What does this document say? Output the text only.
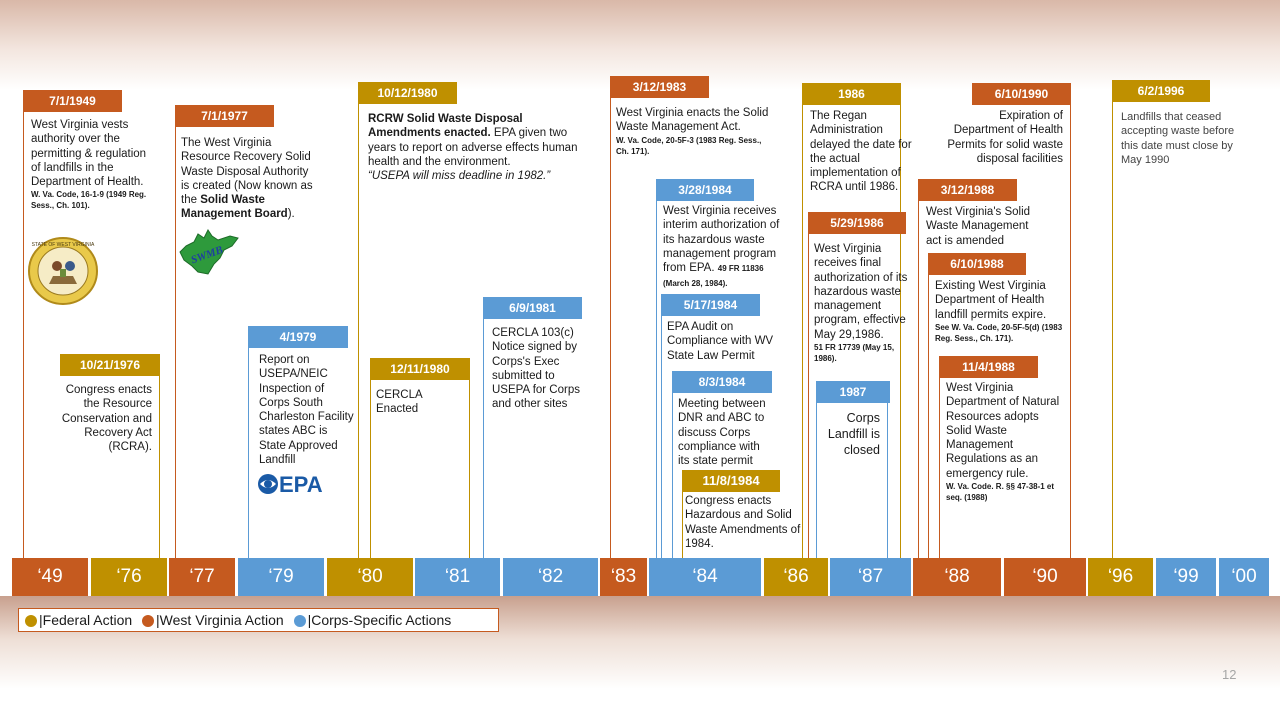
7/1/1949
10/21/1976
7/1/1977
4/1979
10/12/1980
12/11/1980
6/9/1981
3/12/1983
3/28/1984
5/17/1984
8/3/1984
11/8/1984
1986
5/29/1986
1987
3/12/1988
6/10/1988
11/4/1988
6/10/1990	6/2/1996
West Virginia vests authority over the permitting & regulation of landfills in the Department of Health.
W. Va. Code, 16-1-9 (1949 Reg. Sess., Ch. 101).
STATE OF WEST VIRGINIA
Congress enacts the Resource Conservation and Recovery Act (RCRA).
The West Virginia Resource Recovery Solid Waste Disposal Authority is created (Now known as the Solid Waste Management Board).
SWMB
Report on USEPA/NEIC Inspection of Corps South Charleston Facility states ABC is State Approved Landfill
EPA
RCRW Solid Waste Disposal Amendments enacted. EPA given two years to report on adverse effects human health and the environment.
“USEPA will miss deadline in 1982.”
CERCLA Enacted
CERCLA 103(c) Notice signed by Corps's Exec submitted to USEPA for Corps and other sites
West Virginia enacts the Solid Waste Management Act.
W. Va. Code, 20-5F-3 (1983 Reg. Sess., Ch. 171).
West Virginia receives interim authorization of its hazardous waste management program from EPA. 49 FR 11836 (March 28, 1984).
EPA Audit on Compliance with WV State Law Permit
Meeting between DNR and ABC to discuss Corps compliance with its state permit
Congress enacts Hazardous and Solid Waste Amendments of 1984.
The Regan Administration delayed the date for the actual implementation of RCRA until 1986.
West Virginia receives final authorization of its hazardous waste management program, effective May 29,1986.
51 FR 17739 (May 15, 1986).
Corps Landfill is closed
West Virginia's Solid Waste Management act is amended
Existing West Virginia Department of Health landfill permits expire.
See W. Va. Code, 20-5F-5(d) (1983 Reg. Sess., Ch. 171).
West Virginia Department of Natural Resources adopts Solid Waste Management Regulations as an emergency rule.
W. Va. Code. R. §§ 47-38-1 et seq. (1988)
Expiration of Department of Health Permits for solid waste disposal facilities
Landfills that ceased accepting waste before this date must close by May 1990
‘49	‘76	‘77	‘79	‘80	‘81	‘82	‘83	‘84	‘86	‘87	‘88	‘90	‘96	‘99	‘00
|Federal Action |West Virginia Action |Corps-Specific Actions
12
